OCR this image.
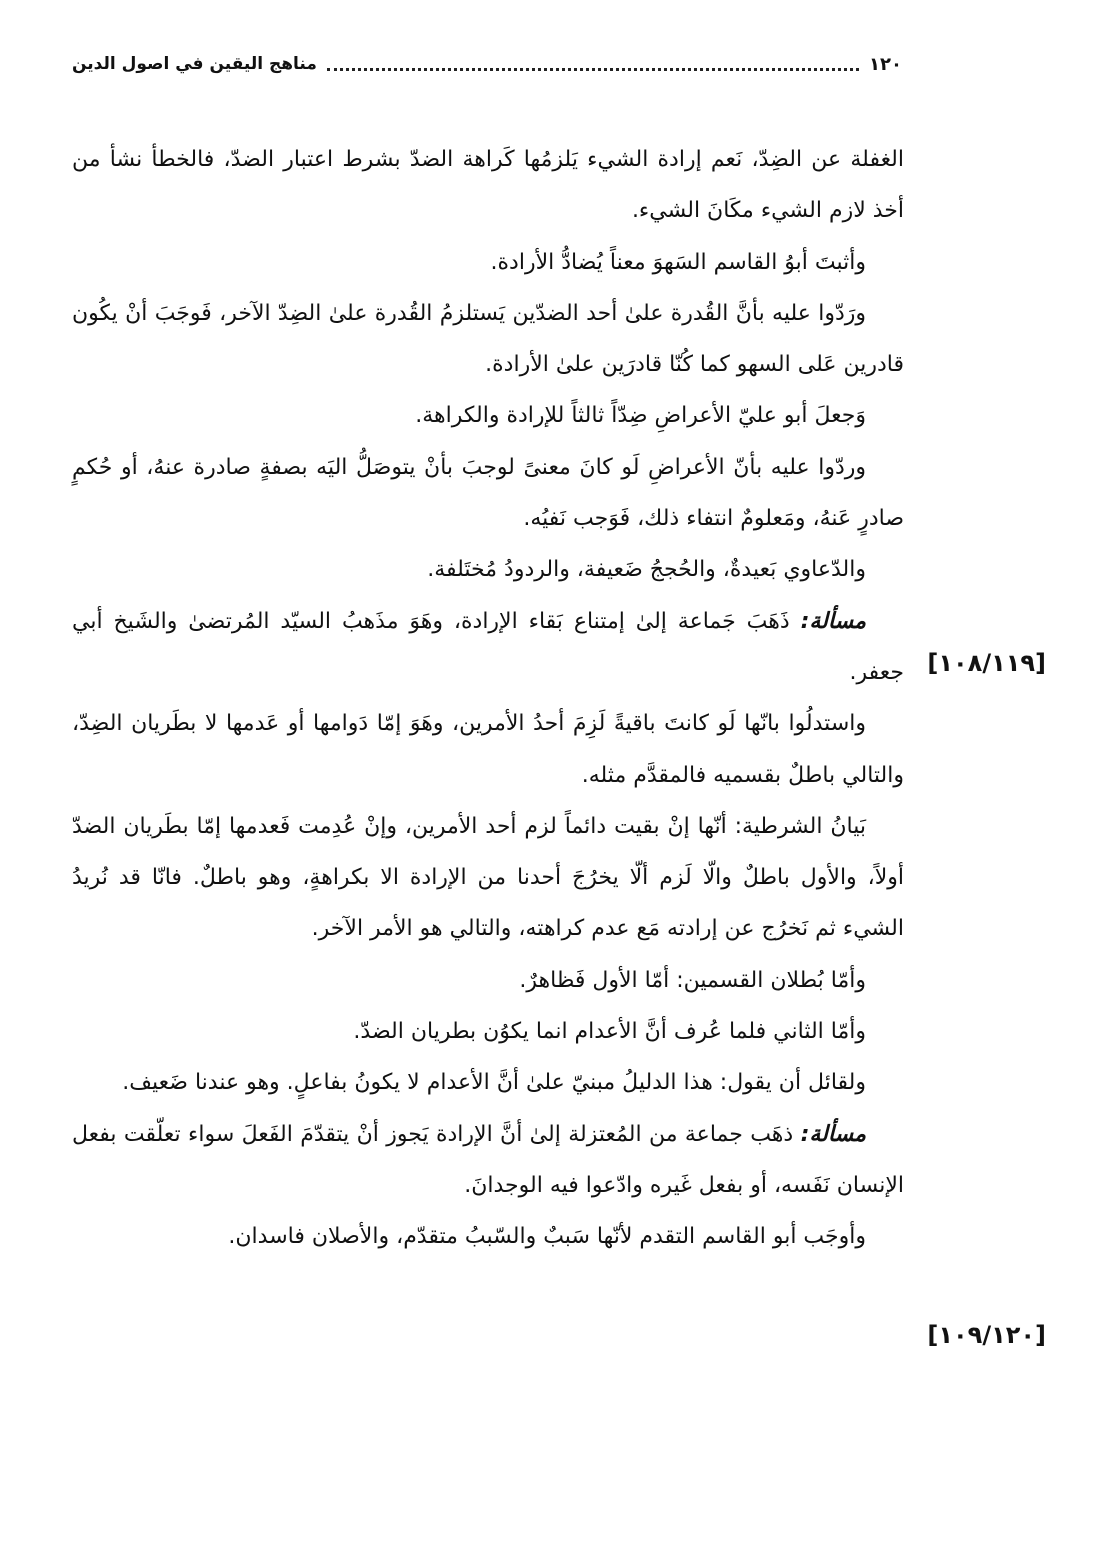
١٢٠
مناهج اليقين في اصول الدين
[١٠٨/١١٩]
[١٠٩/١٢٠]

الغفلة عن الضِدّ، نَعم إرادة الشيء يَلزمُها كَراهة الضدّ بشرط اعتبار الضدّ، فالخطأ نشأ من أخذ لازم الشيء مكَانَ الشيء.

وأثبتَ أبوُ القاسم السَهوَ معناً يُضادُّ الأرادة.

ورَدّوا عليه بأنَّ القُدرة علىٰ أحد الضدّين يَستلزمُ القُدرة علىٰ الضِدّ الآخر، فَوجَبَ أنْ يكُون قادرين عَلى السهو كما كُنّا قادرَين علىٰ الأرادة.

وَجعلَ أبو عليّ الأعراضِ ضِدّاً ثالثاً للإرادة والكراهة.

وردّوا عليه بأنّ الأعراضِ لَو كانَ معنىً لوجبَ بأنْ يتوصَلُّ اليَه بصفةٍ صادرة عنهُ، أو حُكمٍ صادرٍ عَنهُ، ومَعلومٌ انتفاء ذلك، فَوَجب نَفيُه.

والدّعاوي بَعيدةٌ، والحُججُ ضَعيفة، والردودُ مُختَلفة.

مسألة: ذَهَبَ جَماعة إلىٰ إمتناع بَقاء الإرادة، وهَوَ مذَهبُ السيّد المُرتضىٰ والشَيخ أبي جعفر.

واستدلُوا بانّها لَو كانتَ باقيةً لَزِمَ أحدُ الأمرين، وهَوَ إمّا دَوامها أو عَدمها لا بطَريان الضِدّ، والتالي باطلٌ بقسميه فالمقدَّم مثله.

بَيانُ الشرطية: أنّها إنْ بقيت دائماً لزم أحد الأمرين، وإنْ عُدِمت فَعدمها إمّا بطَريان الضدّ أولاً، والأول باطلٌ والّا لَزم ألّا يخرُجَ أحدنا من الإرادة الا بكراهةٍ، وهو باطلٌ. فانّا قد نُريدُ الشيء ثم نَخرُج عن إرادته مَع عدم كراهته، والتالي هو الأمر الآخر.

وأمّا بُطلان القسمين: أمّا الأول فَظاهرٌ.

وأمّا الثاني فلما عُرف أنَّ الأعدام انما يكوُن بطريان الضدّ.

ولقائل أن يقول: هذا الدليلُ مبنيّ علىٰ أنَّ الأعدام لا يكونُ بفاعلٍ. وهو عندنا ضَعيف.

مسألة: ذهَب جماعة من المُعتزلة إلىٰ أنَّ الإرادة يَجوز أنْ يتقدّمَ الفَعلَ سواء تعلّقت بفعل الإنسان نَفَسه، أو بفعل غَيره وادّعوا فيه الوجدانَ.

وأوجَب أبو القاسم التقدم لأنّها سَببٌ والسّببُ متقدّم، والأصلان فاسدان.
